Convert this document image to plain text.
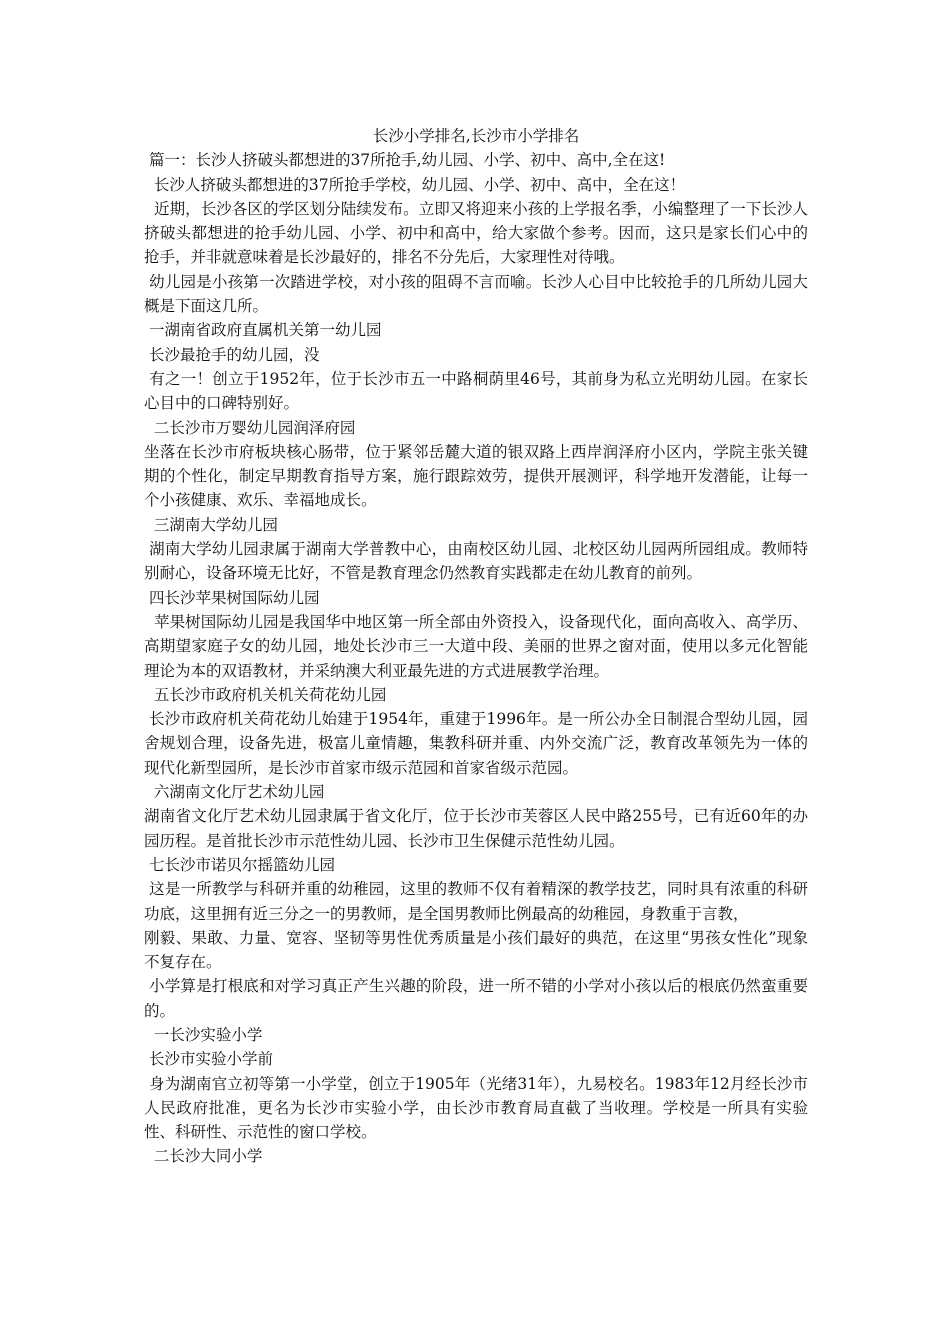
长沙小学排名,长沙市小学排名

篇一：长沙人挤破头都想进的37所抢手,幼儿园、小学、初中、高中,全在这!

长沙人挤破头都想进的37所抢手学校，幼儿园、小学、初中、高中，全在这！

近期，长沙各区的学区划分陆续发布。立即又将迎来小孩的上学报名季，小编整理了一下长沙人挤破头都想进的抢手幼儿园、小学、初中和高中，给大家做个参考。因而，这只是家长们心中的抢手，并非就意味着是长沙最好的，排名不分先后，大家理性对待哦。

幼儿园是小孩第一次踏进学校，对小孩的阻碍不言而喻。长沙人心目中比较抢手的几所幼儿园大概是下面这几所。

一湖南省政府直属机关第一幼儿园

长沙最抢手的幼儿园，没

有之一！创立于1952年，位于长沙市五一中路桐荫里46号，其前身为私立光明幼儿园。在家长心目中的口碑特别好。

二长沙市万婴幼儿园润泽府园

坐落在长沙市府板块核心肠带，位于紧邻岳麓大道的银双路上西岸润泽府小区内，学院主张关键期的个性化，制定早期教育指导方案，施行跟踪效劳，提供开展测评，科学地开发潜能，让每一个小孩健康、欢乐、幸福地成长。

三湖南大学幼儿园

湖南大学幼儿园隶属于湖南大学普教中心，由南校区幼儿园、北校区幼儿园两所园组成。教师特别耐心，设备环境无比好，不管是教育理念仍然教育实践都走在幼儿教育的前列。

四长沙苹果树国际幼儿园

苹果树国际幼儿园是我国华中地区第一所全部由外资投入，设备现代化，面向高收入、高学历、高期望家庭子女的幼儿园，地处长沙市三一大道中段、美丽的世界之窗对面，使用以多元化智能理论为本的双语教材，并采纳澳大利亚最先进的方式进展教学治理。

五长沙市政府机关机关荷花幼儿园

长沙市政府机关荷花幼儿始建于1954年，重建于1996年。是一所公办全日制混合型幼儿园，园舍规划合理，设备先进，极富儿童情趣，集教科研并重、内外交流广泛，教育改革领先为一体的现代化新型园所，是长沙市首家市级示范园和首家省级示范园。

六湖南文化厅艺术幼儿园

湖南省文化厅艺术幼儿园隶属于省文化厅，位于长沙市芙蓉区人民中路255号，已有近60年的办园历程。是首批长沙市示范性幼儿园、长沙市卫生保健示范性幼儿园。

七长沙市诺贝尔摇篮幼儿园

这是一所教学与科研并重的幼稚园，这里的教师不仅有着精深的教学技艺，同时具有浓重的科研功底，这里拥有近三分之一的男教师，是全国男教师比例最高的幼稚园，身教重于言教，

刚毅、果敢、力量、宽容、坚韧等男性优秀质量是小孩们最好的典范，在这里“男孩女性化”现象不复存在。

小学算是打根底和对学习真正产生兴趣的阶段，进一所不错的小学对小孩以后的根底仍然蛮重要的。

一长沙实验小学

长沙市实验小学前

身为湖南官立初等第一小学堂，创立于1905年（光绪31年），九易校名。1983年12月经长沙市人民政府批准，更名为长沙市实验小学，由长沙市教育局直截了当收理。学校是一所具有实验性、科研性、示范性的窗口学校。

二长沙大同小学
